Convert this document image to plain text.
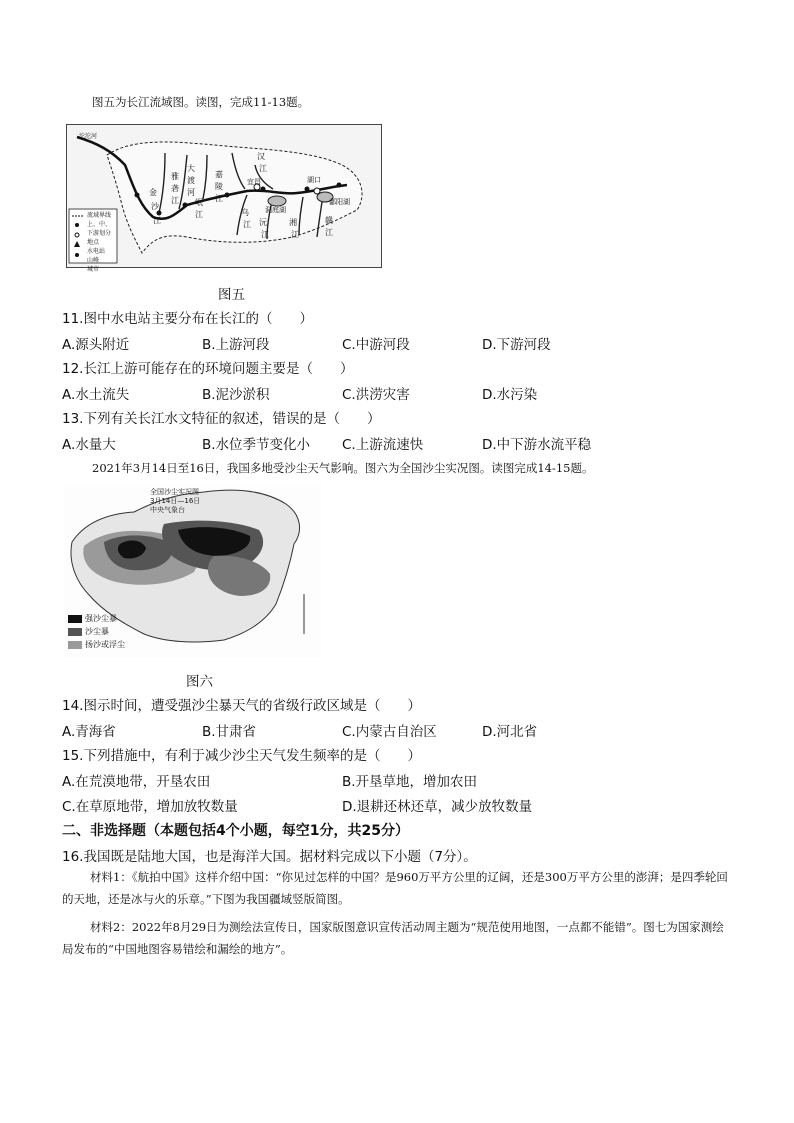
图五为长江流域图。读图，完成11-13题。
沱沱河
流域界线
上、中、下游划分地点
水电站
山峰
城市
金
沙
江
雅
砻
江
大
渡
河
岷
江
嘉
陵
江
汉
江
乌
江 沅
江
湘
江
赣
江
宜昌	湖口
洞庭湖
鄱阳湖
图五
11.图中水电站主要分布在长江的（　　）
A.源头附近	B.上游河段	C.中游河段	D.下游河段
12.长江上游可能存在的环境问题主要是（　　）
A.水土流失	B.泥沙淤积	C.洪涝灾害	D.水污染
13.下列有关长江水文特征的叙述，错误的是（　　）
A.水量大	B.水位季节变化小 C.上游流速快	D.中下游水流平稳
2021年3月14日至16日，我国多地受沙尘天气影响。图六为全国沙尘实况图。读图完成14-15题。
全国沙尘实况图
3月14日—16日
中央气象台
强沙尘暴
沙尘暴
扬沙或浮尘
图六
14.图示时间，遭受强沙尘暴天气的省级行政区域是（　　）
A.青海省	B.甘肃省	C.内蒙古自治区	D.河北省
15.下列措施中，有利于减少沙尘天气发生频率的是（　　）
A.在荒漠地带，开垦农田	B.开垦草地，增加农田
C.在草原地带，增加放牧数量	D.退耕还林还草，减少放牧数量
二、非选择题（本题包括4个小题，每空1分，共25分）
16.我国既是陆地大国，也是海洋大国。据材料完成以下小题（7分）。
材料1：《航拍中国》这样介绍中国：“你见过怎样的中国？是960万平方公里的辽阔，还是300万平方公里的澎湃；是四季轮回的天地，还是冰与火的乐章。”下图为我国疆域竖版简图。
材料2：2022年8月29日为测绘法宣传日，国家版图意识宣传活动周主题为“规范使用地图，一点都不能错”。图七为国家测绘局发布的“中国地图容易错绘和漏绘的地方”。
